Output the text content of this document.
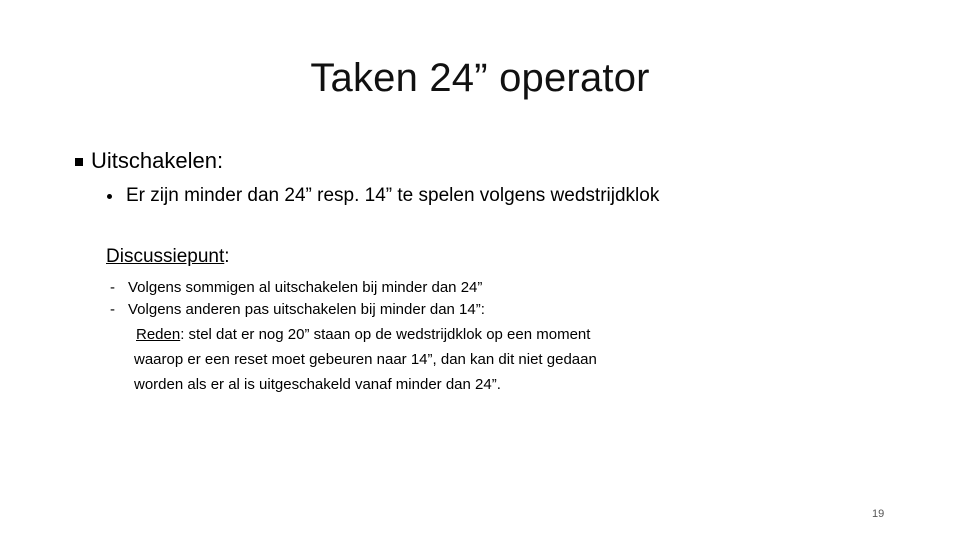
Taken 24” operator
Uitschakelen:
Er zijn minder dan 24” resp. 14” te spelen volgens wedstrijdklok
Discussiepunt:
- Volgens sommigen al uitschakelen bij minder dan 24”
- Volgens anderen pas uitschakelen bij minder dan 14”:
Reden: stel dat er nog 20” staan op de wedstrijdklok op een moment
waarop er een reset moet gebeuren naar 14”, dan kan dit niet gedaan
worden als er al is uitgeschakeld vanaf minder dan 24”.
19
